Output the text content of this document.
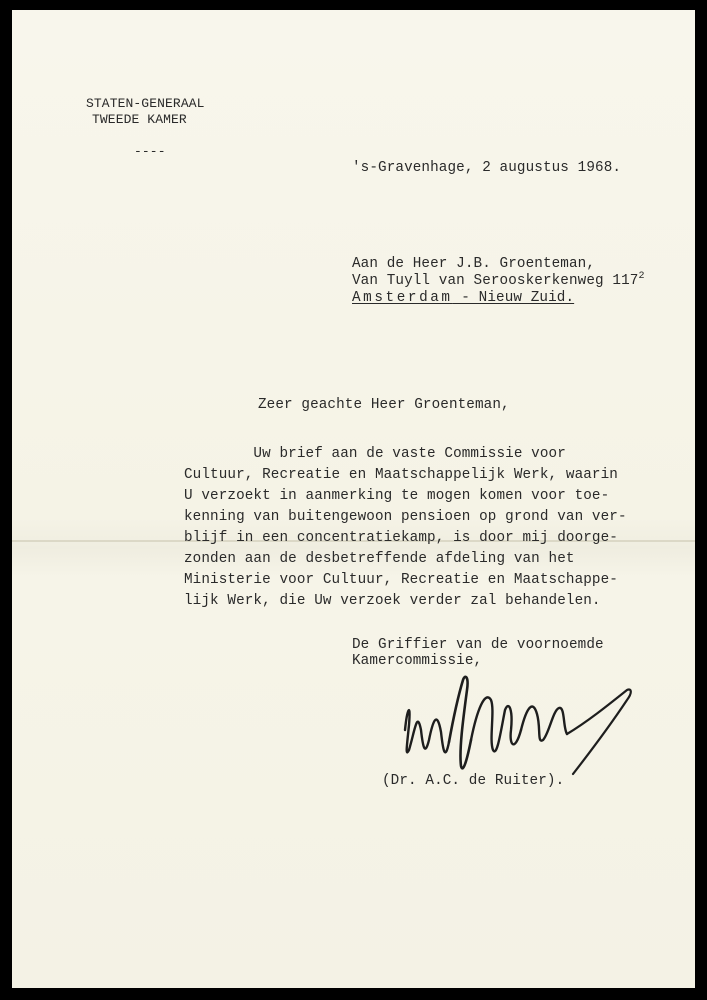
STATEN-GENERAAL
TWEEDE KAMER
----
's-Gravenhage, 2 augustus 1968.
Aan de Heer J.B. Groenteman,
Van Tuyll van Serooskerkenweg $117^2$
Amsterdam - Nieuw Zuid.
Zeer geachte Heer Groenteman,
Uw brief aan de vaste Commissie voor
Cultuur, Recreatie en Maatschappelijk Werk, waarin
U verzoekt in aanmerking te mogen komen voor toe-
kenning van buitengewoon pensioen op grond van ver-
blijf in een concentratiekamp, is door mij doorge-
zonden aan de desbetreffende afdeling van het
Ministerie voor Cultuur, Recreatie en Maatschappe-
lijk Werk, die Uw verzoek verder zal behandelen.
De Griffier van de voornoemde
Kamercommissie,
(Dr. A.C. de Ruiter).
